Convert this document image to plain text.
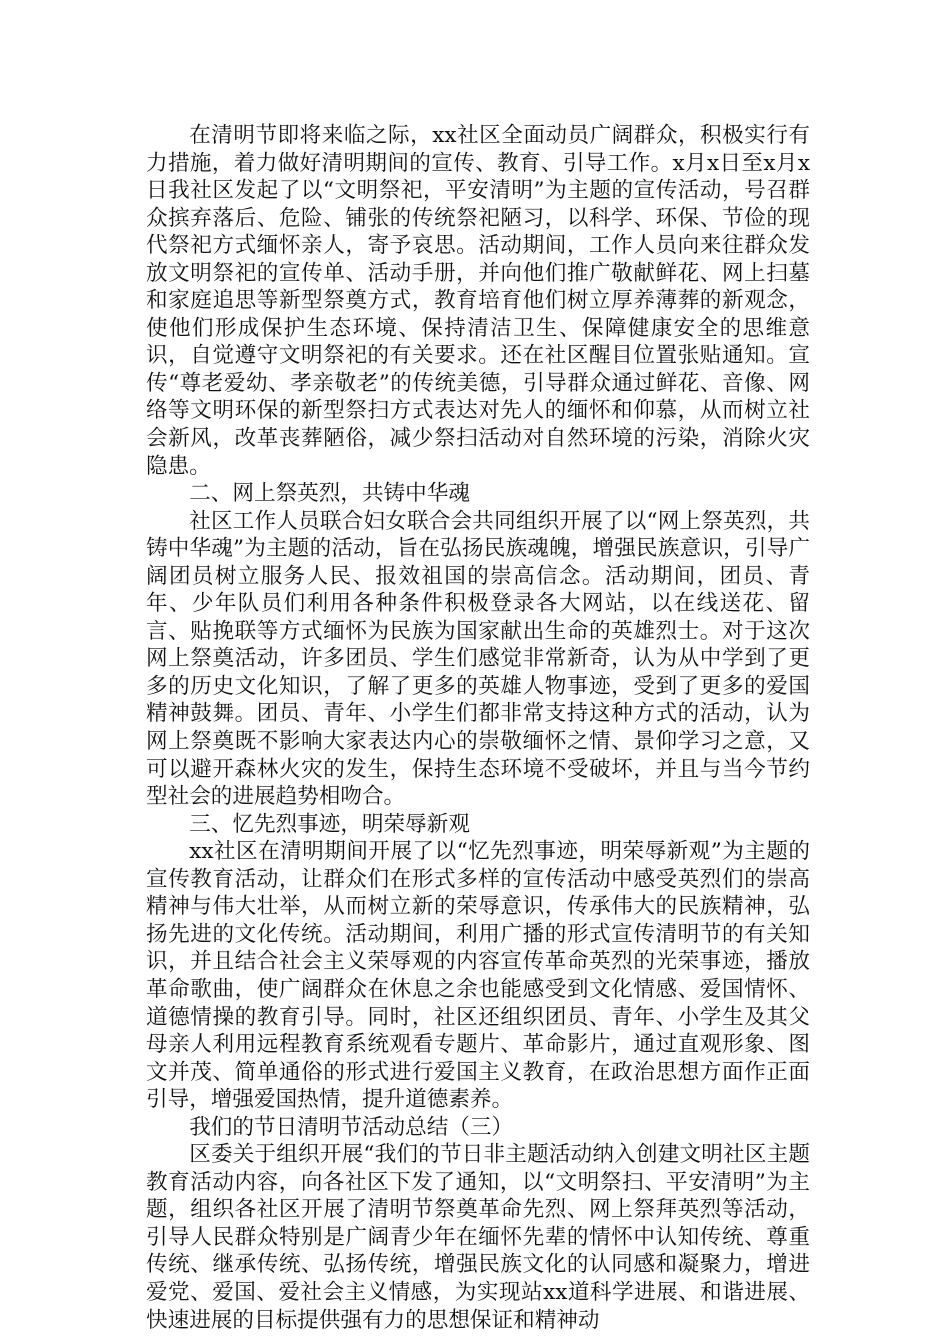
在清明节即将来临之际，xx社区全面动员广阔群众，积极实行有力措施，着力做好清明期间的宣传、教育、引导工作。x月x日至x月x日我社区发起了以“文明祭祀，平安清明”为主题的宣传活动，号召群众摈弃落后、危险、铺张的传统祭祀陋习，以科学、环保、节俭的现代祭祀方式缅怀亲人，寄予哀思。活动期间，工作人员向来往群众发放文明祭祀的宣传单、活动手册，并向他们推广敬献鲜花、网上扫墓和家庭追思等新型祭奠方式，教育培育他们树立厚养薄葬的新观念，使他们形成保护生态环境、保持清洁卫生、保障健康安全的思维意识，自觉遵守文明祭祀的有关要求。还在社区醒目位置张贴通知。宣传“尊老爱幼、孝亲敬老”的传统美德，引导群众通过鲜花、音像、网络等文明环保的新型祭扫方式表达对先人的缅怀和仰慕，从而树立社会新风，改革丧葬陋俗，减少祭扫活动对自然环境的污染，消除火灾隐患。

二、网上祭英烈，共铸中华魂

社区工作人员联合妇女联合会共同组织开展了以“网上祭英烈，共铸中华魂”为主题的活动，旨在弘扬民族魂魄，增强民族意识，引导广阔团员树立服务人民、报效祖国的崇高信念。活动期间，团员、青年、少年队员们利用各种条件积极登录各大网站，以在线送花、留言、贴挽联等方式缅怀为民族为国家献出生命的英雄烈士。对于这次网上祭奠活动，许多团员、学生们感觉非常新奇，认为从中学到了更多的历史文化知识，了解了更多的英雄人物事迹，受到了更多的爱国精神鼓舞。团员、青年、小学生们都非常支持这种方式的活动，认为网上祭奠既不影响大家表达内心的崇敬缅怀之情、景仰学习之意，又可以避开森林火灾的发生，保持生态环境不受破坏，并且与当今节约型社会的进展趋势相吻合。

三、忆先烈事迹，明荣辱新观

xx社区在清明期间开展了以“忆先烈事迹，明荣辱新观”为主题的宣传教育活动，让群众们在形式多样的宣传活动中感受英烈们的崇高精神与伟大壮举，从而树立新的荣辱意识，传承伟大的民族精神，弘扬先进的文化传统。活动期间，利用广播的形式宣传清明节的有关知识，并且结合社会主义荣辱观的内容宣传革命英烈的光荣事迹，播放革命歌曲，使广阔群众在休息之余也能感受到文化情感、爱国情怀、道德情操的教育引导。同时，社区还组织团员、青年、小学生及其父母亲人利用远程教育系统观看专题片、革命影片，通过直观形象、图文并茂、简单通俗的形式进行爱国主义教育，在政治思想方面作正面引导，增强爱国热情，提升道德素养。

我们的节日清明节活动总结（三）

区委关于组织开展“我们的节日非主题活动纳入创建文明社区主题教育活动内容，向各社区下发了通知，以“文明祭扫、平安清明”为主题，组织各社区开展了清明节祭奠革命先烈、网上祭拜英烈等活动，引导人民群众特别是广阔青少年在缅怀先辈的情怀中认知传统、尊重传统、继承传统、弘扬传统，增强民族文化的认同感和凝聚力，增进爱党、爱国、爱社会主义情感，为实现站xx道科学进展、和谐进展、快速进展的目标提供强有力的思想保证和精神动
